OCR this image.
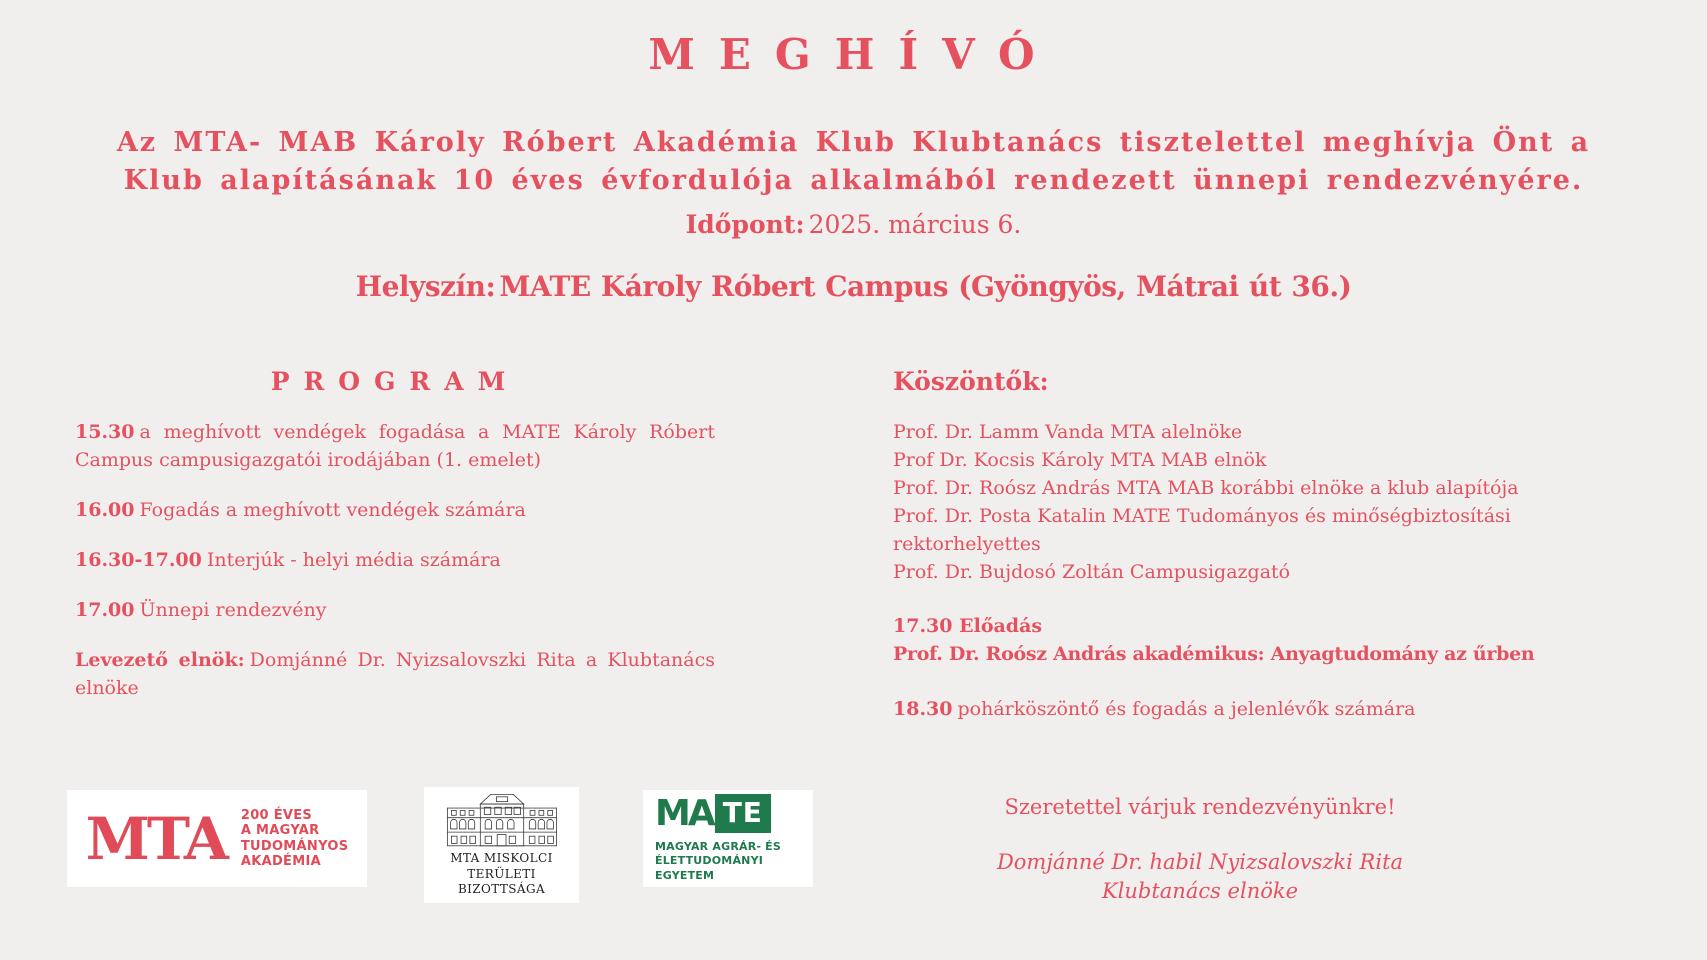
MEGHÍVÓ

Az MTA- MAB Károly Róbert Akadémia Klub Klubtanács tisztelettel meghívja Önt a Klub alapításának 10 éves évfordulója alkalmából rendezett ünnepi rendezvényére.

Időpont: 2025. március 6.

Helyszín: MATE Károly Róbert Campus (Gyöngyös, Mátrai út 36.)

PROGRAM

15.30 a meghívott vendégek fogadása a MATE Károly Róbert Campus campusigazgatói irodájában (1. emelet)

16.00 Fogadás a meghívott vendégek számára

16.30-17.00 Interjúk - helyi média számára

17.00 Ünnepi rendezvény

Levezető elnök: Domjánné Dr. Nyizsalovszki Rita a Klubtanács elnöke

Köszöntők:

Prof. Dr. Lamm Vanda MTA alelnöke

Prof Dr. Kocsis Károly MTA MAB elnök

Prof. Dr. Roósz András MTA MAB korábbi elnöke a klub alapítója

Prof. Dr. Posta Katalin MATE Tudományos és minőségbiztosítási rektorhelyettes

Prof. Dr. Bujdosó Zoltán Campusigazgató

17.30 Előadás

Prof. Dr. Roósz András akadémikus: Anyagtudomány az űrben

18.30 pohárköszöntő és fogadás a jelenlévők számára

MTA 200 ÉVES
A MAGYAR
TUDOMÁNYOS
AKADÉMIA	MTA MISKOLCI TERÜLETI
BIZOTTSÁGA
MA TE
MAGYAR AGRÁR- ÉS
ÉLETTUDOMÁNYI EGYETEM

Szeretettel várjuk rendezvényünkre!

Domjánné Dr. habil Nyizsalovszki Rita

Klubtanács elnöke
